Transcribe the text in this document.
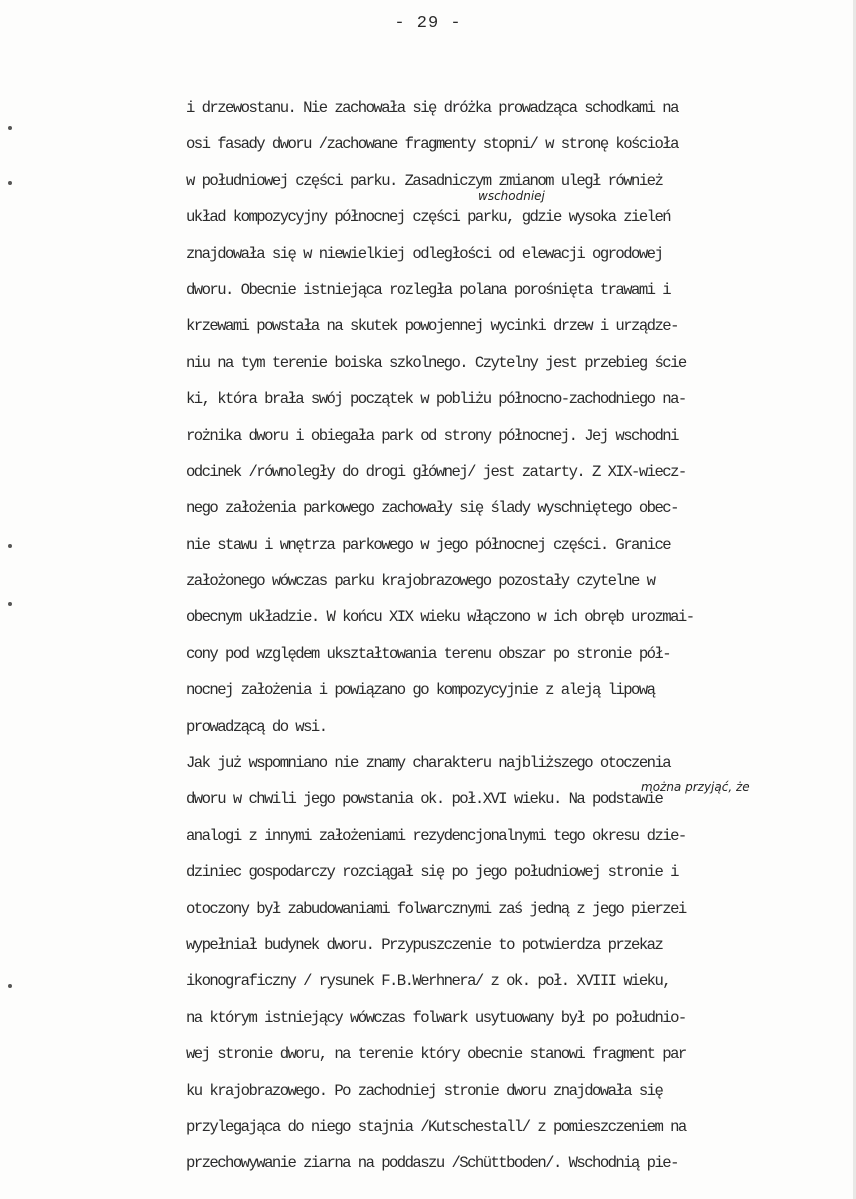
- 29 -
i drzewostanu. Nie zachowała się dróżka prowadząca schodkami na
osi fasady dworu /zachowane fragmenty stopni/ w stronę kościoła
w południowej części parku. Zasadniczym zmianom uległ również
układ kompozycyjny północnej części parku, gdzie wysoka zieleń
znajdowała się w niewielkiej odległości od elewacji ogrodowej
dworu. Obecnie istniejąca rozległa polana porośnięta trawami i
krzewami powstała na skutek powojennej wycinki drzew i urządze-
niu na tym terenie boiska szkolnego. Czytelny jest przebieg ście
ki, która brała swój początek w pobliżu północno-zachodniego na-
rożnika dworu i obiegała park od strony północnej. Jej wschodni
odcinek /równoległy do drogi głównej/ jest zatarty. Z XIX-wiecz-
nego założenia parkowego zachowały się ślady wyschniętego obec-
nie stawu i wnętrza parkowego w jego północnej części. Granice
założonego wówczas parku krajobrazowego pozostały czytelne w
obecnym układzie. W końcu XIX wieku włączono w ich obręb urozmai-
cony pod względem ukształtowania terenu obszar po stronie pół-
nocnej założenia i powiązano go kompozycyjnie z aleją lipową
prowadzącą do wsi.
Jak już wspomniano nie znamy charakteru najbliższego otoczenia
dworu w chwili jego powstania ok. poł.XVI wieku. Na podstawie
analogi z innymi założeniami rezydencjonalnymi tego okresu dzie-
dziniec gospodarczy rozciągał się po jego południowej stronie i
otoczony był zabudowaniami folwarcznymi zaś jedną z jego pierzei
wypełniał budynek dworu. Przypuszczenie to potwierdza przekaz
ikonograficzny / rysunek F.B.Werhnera/ z ok. poł. XVIII wieku,
na którym istniejący wówczas folwark usytuowany był po południo-
wej stronie dworu, na terenie który obecnie stanowi fragment par
ku krajobrazowego. Po zachodniej stronie dworu znajdowała się
przylegająca do niego stajnia /Kutschestall/ z pomieszczeniem na
przechowywanie ziarna na poddaszu /Schüttboden/. Wschodnią pie-
wschodniej
można przyjąć, że
